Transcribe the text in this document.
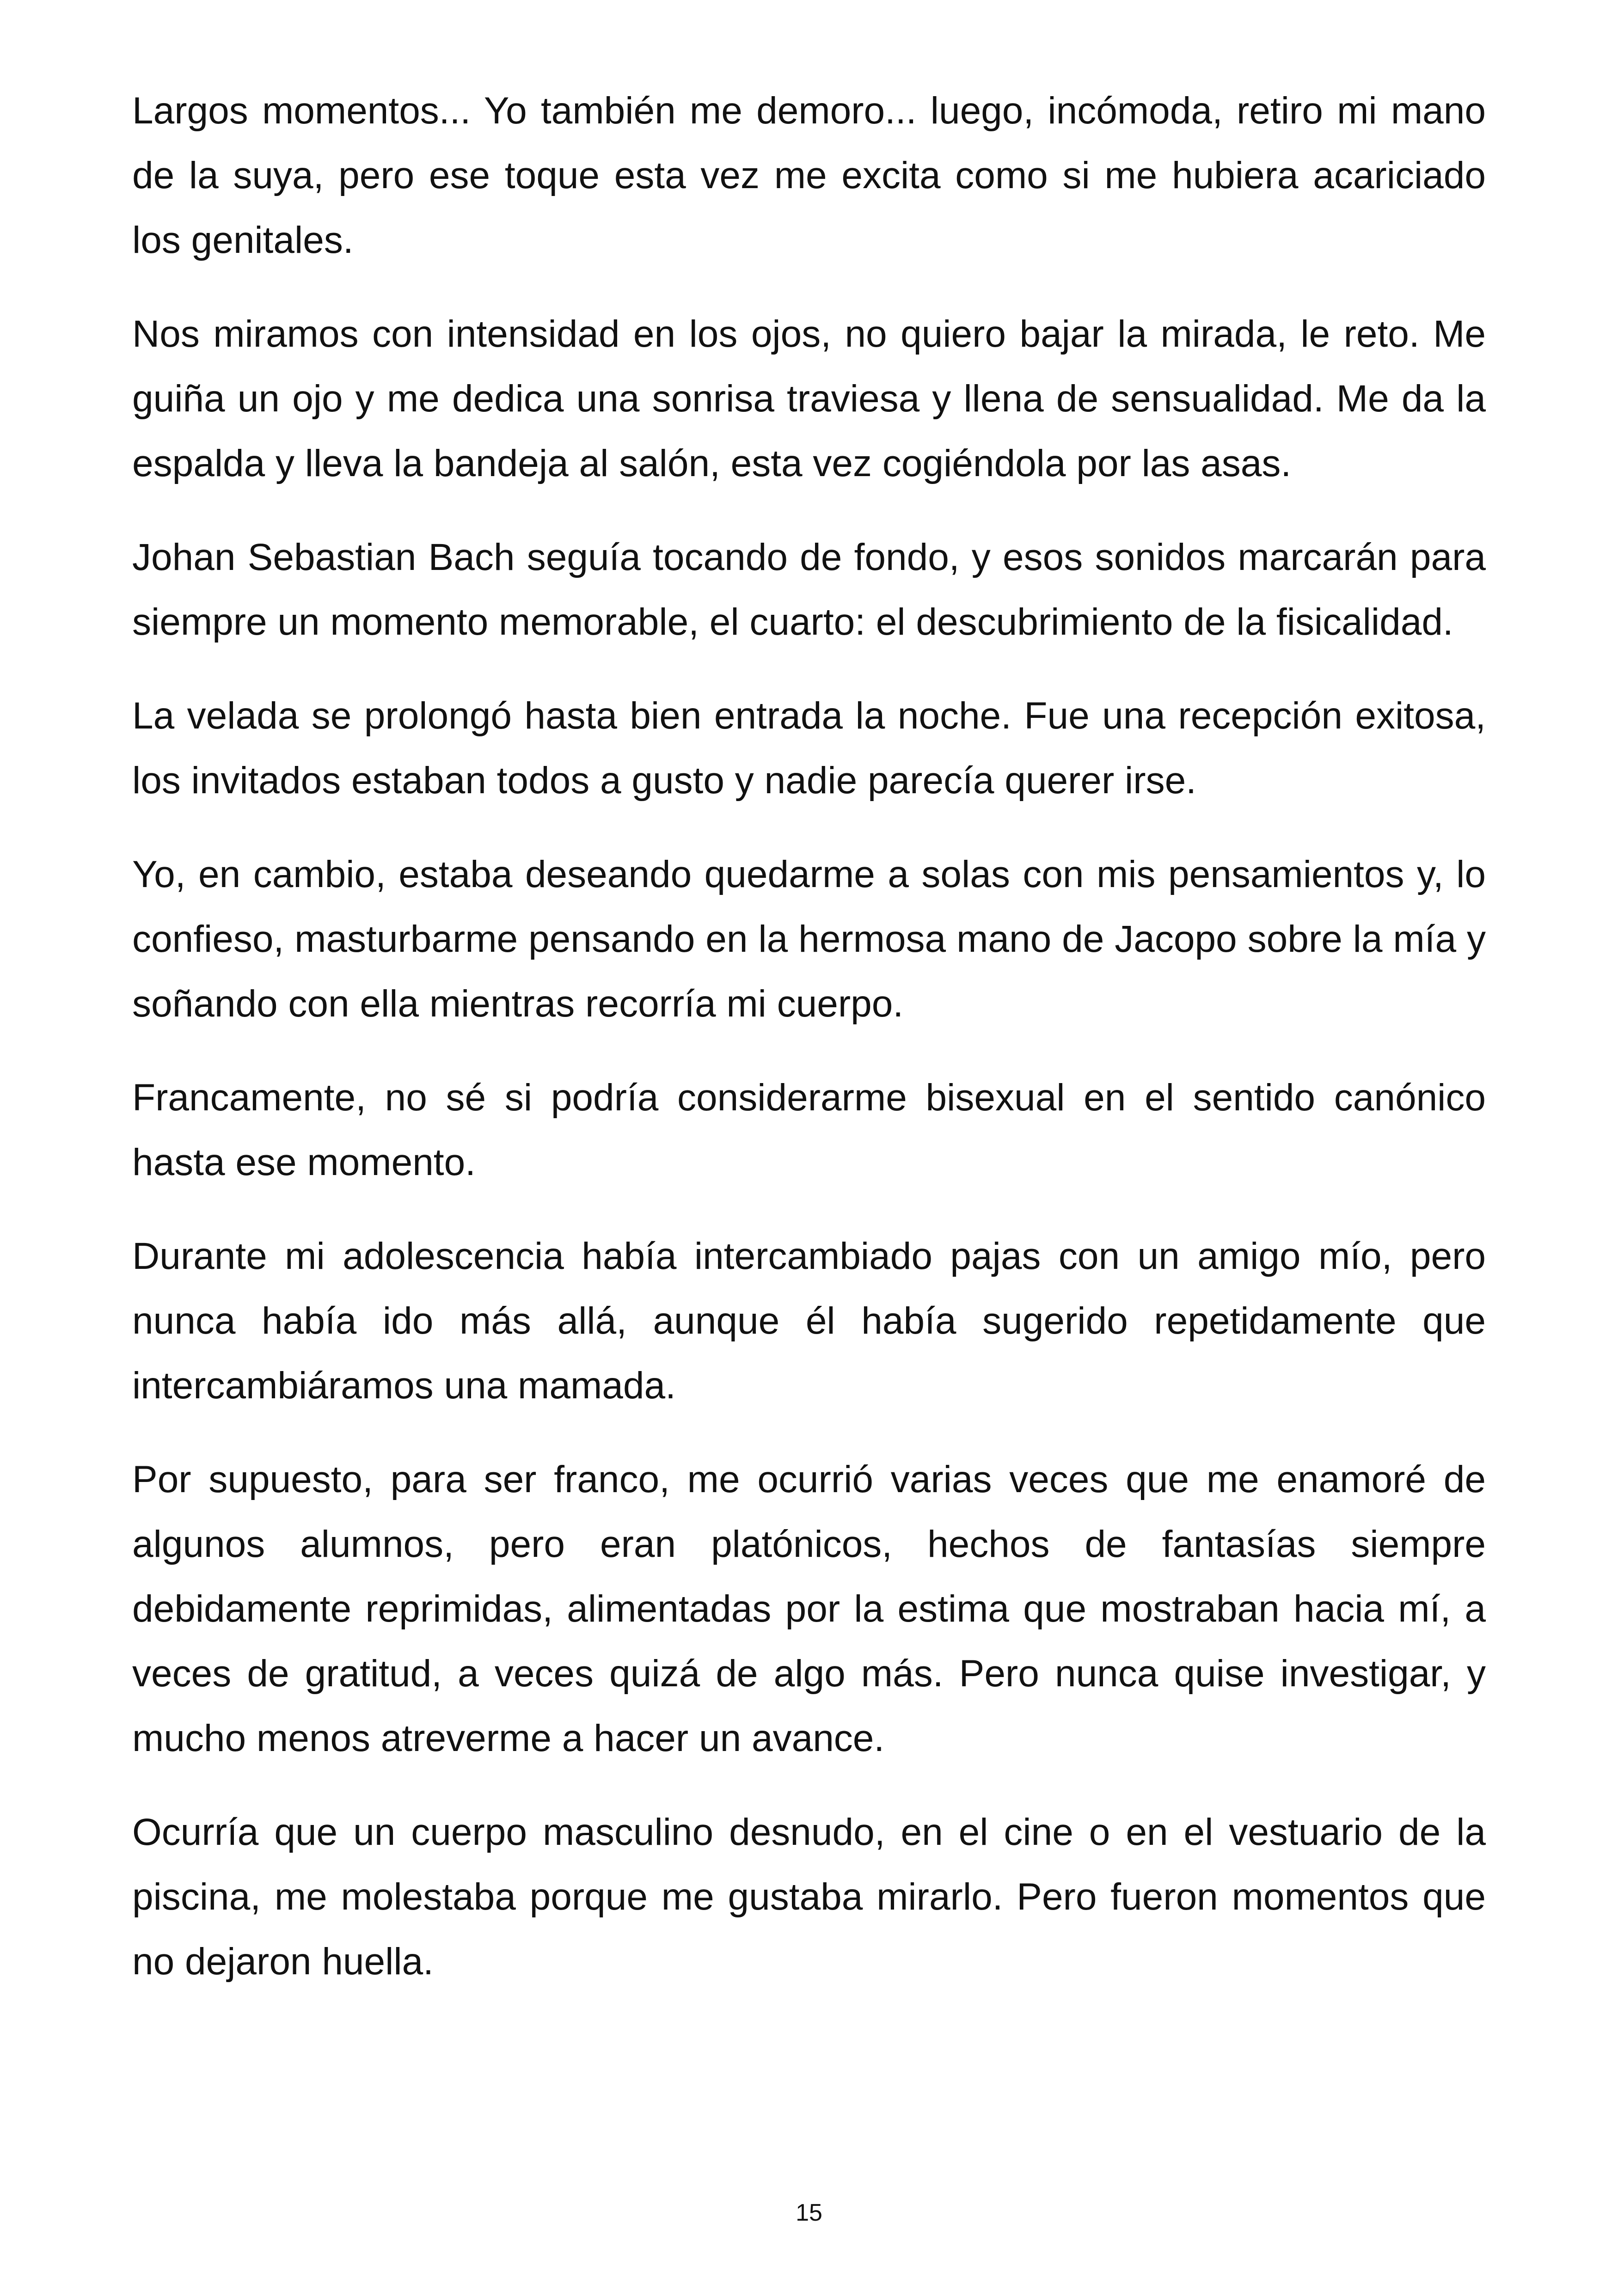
Largos momentos... Yo también me demoro... luego, incómoda, retiro mi mano de la suya, pero ese toque esta vez me excita como si me hubiera acariciado los genitales.

Nos miramos con intensidad en los ojos, no quiero bajar la mirada, le reto. Me guiña un ojo y me dedica una sonrisa traviesa y llena de sensualidad. Me da la espalda y lleva la bandeja al salón, esta vez cogiéndola por las asas.

Johan Sebastian Bach seguía tocando de fondo, y esos sonidos marcarán para siempre un momento memorable, el cuarto: el descubrimiento de la fisicalidad.

La velada se prolongó hasta bien entrada la noche. Fue una recepción exitosa, los invitados estaban todos a gusto y nadie parecía querer irse.

Yo, en cambio, estaba deseando quedarme a solas con mis pensamientos y, lo confieso, masturbarme pensando en la hermosa mano de Jacopo sobre la mía y soñando con ella mientras recorría mi cuerpo.

Francamente, no sé si podría considerarme bisexual en el sentido canónico hasta ese momento.

Durante mi adolescencia había intercambiado pajas con un amigo mío, pero nunca había ido más allá, aunque él había sugerido repetidamente que intercambiáramos una mamada.

Por supuesto, para ser franco, me ocurrió varias veces que me enamoré de algunos alumnos, pero eran platónicos, hechos de fantasías siempre debidamente reprimidas, alimentadas por la estima que mostraban hacia mí, a veces de gratitud, a veces quizá de algo más. Pero nunca quise investigar, y mucho menos atreverme a hacer un avance.

Ocurría que un cuerpo masculino desnudo, en el cine o en el vestuario de la piscina, me molestaba porque me gustaba mirarlo. Pero fueron momentos que no dejaron huella.

15
